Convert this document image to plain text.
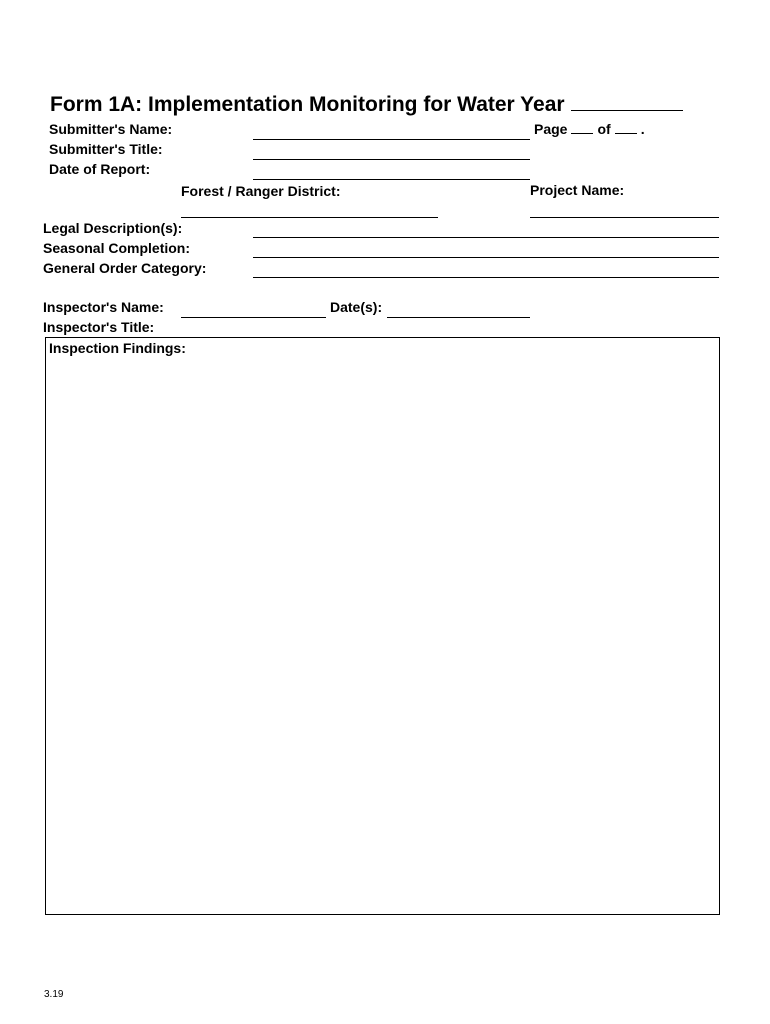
Form 1A: Implementation Monitoring for Water Year
Submitter's Name:	Page of .
Submitter's Title:
Date of Report:
Forest / Ranger District:	Project Name:
Legal Description(s):
Seasonal Completion:
General Order Category:
Inspector's Name:	Date(s):
Inspector's Title:
Inspection Findings:
3.19
